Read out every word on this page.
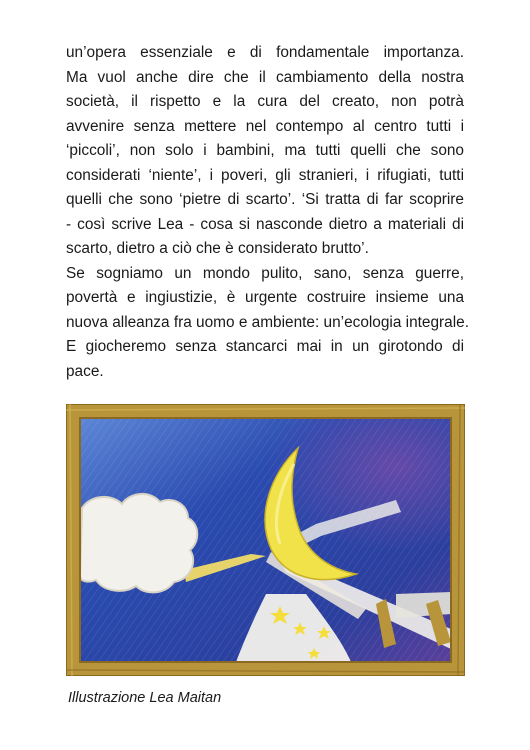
un’opera essenziale e di fondamentale importanza.
Ma vuol anche dire che il cambiamento della nostra
società, il rispetto e la cura del creato, non potrà
avvenire senza mettere nel contempo al centro tutti i
‘piccoli’, non solo i bambini, ma tutti quelli che sono
considerati ‘niente’, i poveri, gli stranieri, i rifugiati, tutti
quelli che sono ‘pietre di scarto’. ‘Si tratta di far scoprire
- così scrive Lea - cosa si nasconde dietro a materiali di
scarto, dietro a ciò che è considerato brutto’.
Se sogniamo un mondo pulito, sano, senza guerre,
povertà e ingiustizie, è urgente costruire insieme una
nuova alleanza fra uomo e ambiente: un’ecologia integrale.
E giocheremo senza stancarci mai in un girotondo di
pace.
Illustrazione Lea Maitan
